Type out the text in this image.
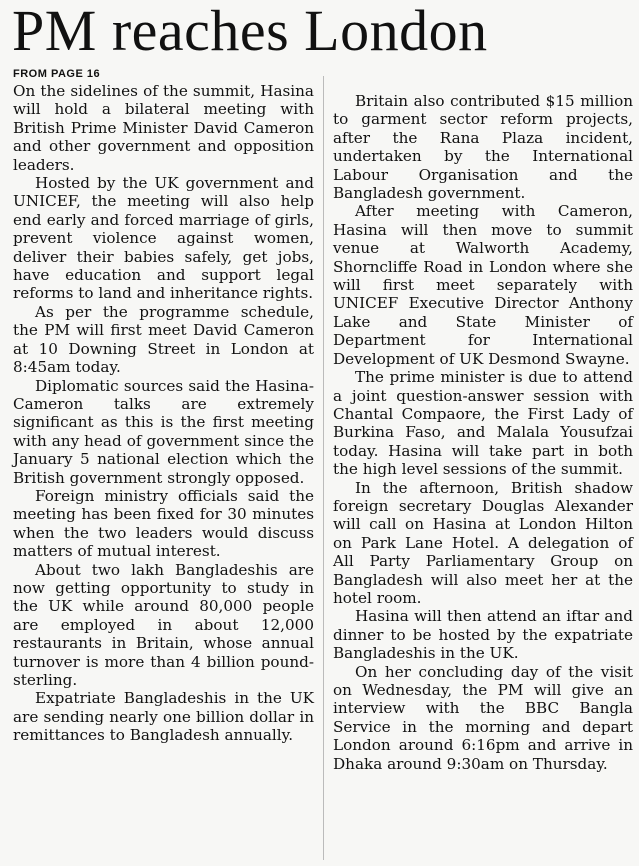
PM reaches London
FROM PAGE 16

On the sidelines of the summit, Hasina will hold a bilateral meeting with British Prime Minister David Cameron and other government and opposition leaders.

Hosted by the UK government and UNICEF, the meeting will also help end early and forced marriage of girls, prevent violence against women, deliver their babies safely, get jobs, have education and support legal reforms to land and inheritance rights.

As per the programme schedule, the PM will first meet David Cameron at 10 Downing Street in London at 8:45am today.

Diplomatic sources said the Hasina-Cameron talks are extremely significant as this is the first meeting with any head of government since the January 5 national election which the British government strongly opposed.

Foreign ministry officials said the meeting has been fixed for 30 minutes when the two leaders would discuss matters of mutual interest.

About two lakh Bangladeshis are now getting opportunity to study in the UK while around 80,000 people are employed in about 12,000 restaurants in Britain, whose annual turnover is more than 4 billion pound-sterling.

Expatriate Bangladeshis in the UK are sending nearly one billion dollar in remittances to Bangladesh annually.

Britain also contributed $15 million to garment sector reform projects, after the Rana Plaza incident, undertaken by the International Labour Organisation and the Bangladesh government.

After meeting with Cameron, Hasina will then move to summit venue at Walworth Academy, Shorncliffe Road in London where she will first meet separately with UNICEF Executive Director Anthony Lake and State Minister of Department for International Development of UK Desmond Swayne.

The prime minister is due to attend a joint question-answer session with Chantal Compaore, the First Lady of Burkina Faso, and Malala Yousufzai today. Hasina will take part in both the high level sessions of the summit.

In the afternoon, British shadow foreign secretary Douglas Alexander will call on Hasina at London Hilton on Park Lane Hotel. A delegation of All Party Parliamentary Group on Bangladesh will also meet her at the hotel room.

Hasina will then attend an iftar and dinner to be hosted by the expatriate Bangladeshis in the UK.

On her concluding day of the visit on Wednesday, the PM will give an interview with the BBC Bangla Service in the morning and depart London around 6:16pm and arrive in Dhaka around 9:30am on Thursday.
